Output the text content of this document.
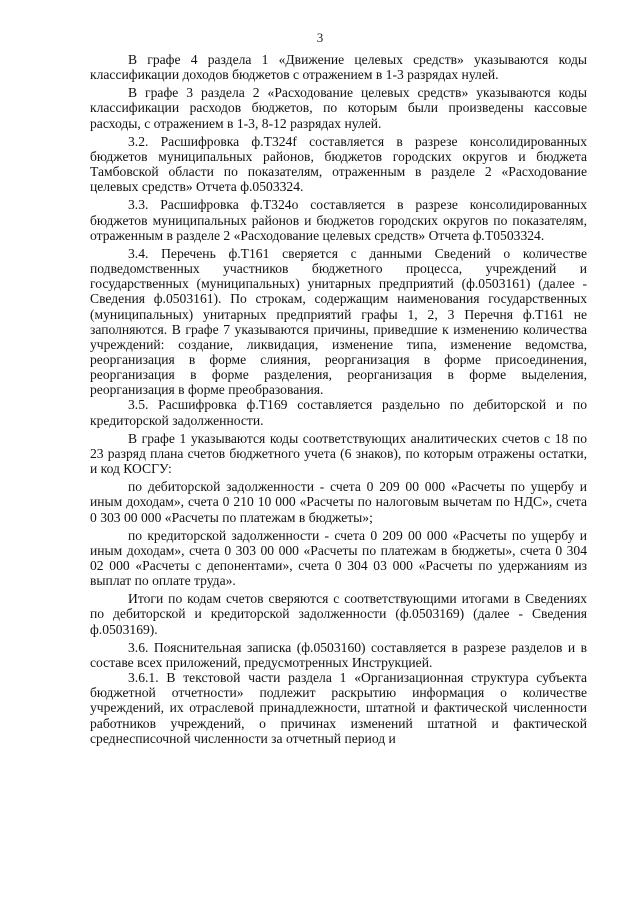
3

В графе 4 раздела 1 «Движение целевых средств» указываются коды классификации доходов бюджетов с отражением в 1-3 разрядах нулей.

В графе 3 раздела 2 «Расходование целевых средств» указываются коды классификации расходов бюджетов, по которым были произведены кассовые расходы, с отражением в 1-3, 8-12 разрядах нулей.

3.2. Расшифровка ф.Т324f составляется в разрезе консолидированных бюджетов муниципальных районов, бюджетов городских округов и бюджета Тамбовской области по показателям, отраженным в разделе 2 «Расходование целевых средств» Отчета ф.0503324.

3.3. Расшифровка ф.Т324о составляется в разрезе консолидированных бюджетов муниципальных районов и бюджетов городских округов по показателям, отраженным в разделе 2 «Расходование целевых средств» Отчета ф.Т0503324.

3.4. Перечень ф.Т161 сверяется с данными Сведений о количестве подведомственных участников бюджетного процесса, учреждений и государственных (муниципальных) унитарных предприятий (ф.0503161) (далее - Сведения ф.0503161). По строкам, содержащим наименования государственных (муниципальных) унитарных предприятий графы 1, 2, 3 Перечня ф.Т161 не заполняются. В графе 7 указываются причины, приведшие к изменению количества учреждений: создание, ликвидация, изменение типа, изменение ведомства, реорганизация в форме слияния, реорганизация в форме присоединения, реорганизация в форме разделения, реорганизация в форме выделения, реорганизация в форме преобразования.

3.5. Расшифровка ф.Т169 составляется раздельно по дебиторской и по кредиторской задолженности.

В графе 1 указываются коды соответствующих аналитических счетов с 18 по 23 разряд плана счетов бюджетного учета (6 знаков), по которым отражены остатки, и код КОСГУ:

по дебиторской задолженности - счета 0 209 00 000 «Расчеты по ущербу и иным доходам», счета 0 210 10 000 «Расчеты по налоговым вычетам по НДС», счета 0 303 00 000 «Расчеты по платежам в бюджеты»;

по кредиторской задолженности - счета 0 209 00 000 «Расчеты по ущербу и иным доходам», счета 0 303 00 000 «Расчеты по платежам в бюджеты», счета 0 304 02 000 «Расчеты с депонентами», счета 0 304 03 000 «Расчеты по удержаниям из выплат по оплате труда».

Итоги по кодам счетов сверяются с соответствующими итогами в Сведениях по дебиторской и кредиторской задолженности (ф.0503169) (далее - Сведения ф.0503169).

3.6. Пояснительная записка (ф.0503160) составляется в разрезе разделов и в составе всех приложений, предусмотренных Инструкцией.

3.6.1. В текстовой части раздела 1 «Организационная структура субъекта бюджетной отчетности» подлежит раскрытию информация о количестве учреждений, их отраслевой принадлежности, штатной и фактической численности работников учреждений, о причинах изменений штатной и фактической среднесписочной численности за отчетный период и
